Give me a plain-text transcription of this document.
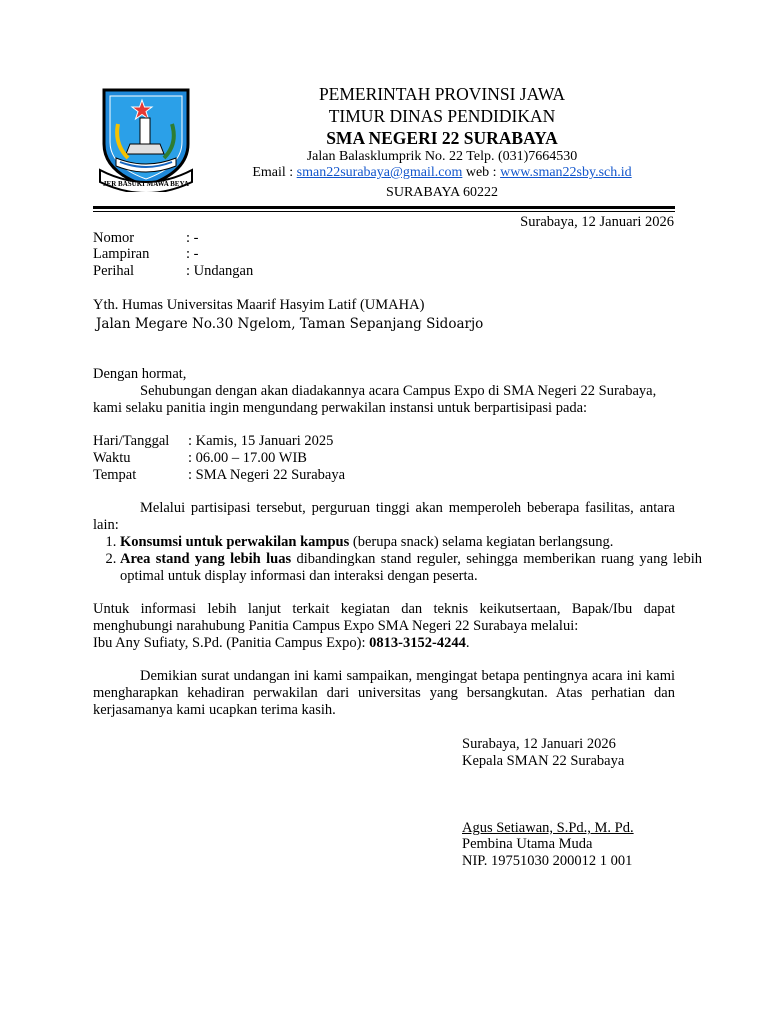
JER BASUKI MAWA BEYA
PEMERINTAH PROVINSI JAWA
TIMUR DINAS PENDIDIKAN
SMA NEGERI 22 SURABAYA
Jalan Balasklumprik No. 22 Telp. (031)7664530
Email : sman22surabaya@gmail.com web : www.sman22sby.sch.id
SURABAYA 60222
Surabaya, 12 Januari 2026
Nomor	: -
Lampiran	: -
Perihal	: Undangan
Yth. Humas Universitas Maarif Hasyim Latif (UMAHA)
Jalan Megare No.30 Ngelom, Taman Sepanjang Sidoarjo
Dengan hormat,
Sehubungan dengan akan diadakannya acara Campus Expo di SMA Negeri 22 Surabaya, kami selaku panitia ingin mengundang perwakilan instansi untuk berpartisipasi pada:
Hari/Tanggal : Kamis, 15 Januari 2025
Waktu	: 06.00 – 17.00 WIB
Tempat	: SMA Negeri 22 Surabaya
Melalui partisipasi tersebut, perguruan tinggi akan memperoleh beberapa fasilitas, antara lain:
1. Konsumsi untuk perwakilan kampus (berupa snack) selama kegiatan berlangsung.
2. Area stand yang lebih luas dibandingkan stand reguler, sehingga memberikan ruang yang lebih optimal untuk display informasi dan interaksi dengan peserta.
Untuk informasi lebih lanjut terkait kegiatan dan teknis keikutsertaan, Bapak/Ibu dapat menghubungi narahubung Panitia Campus Expo SMA Negeri 22 Surabaya melalui:
Ibu Any Sufiaty, S.Pd. (Panitia Campus Expo): 0813-3152-4244.
Demikian surat undangan ini kami sampaikan, mengingat betapa pentingnya acara ini kami mengharapkan kehadiran perwakilan dari universitas yang bersangkutan. Atas perhatian dan kerjasamanya kami ucapkan terima kasih.
Surabaya, 12 Januari 2026
Kepala SMAN 22 Surabaya
Agus Setiawan, S.Pd., M. Pd.
Pembina Utama Muda
NIP. 19751030 200012 1 001
